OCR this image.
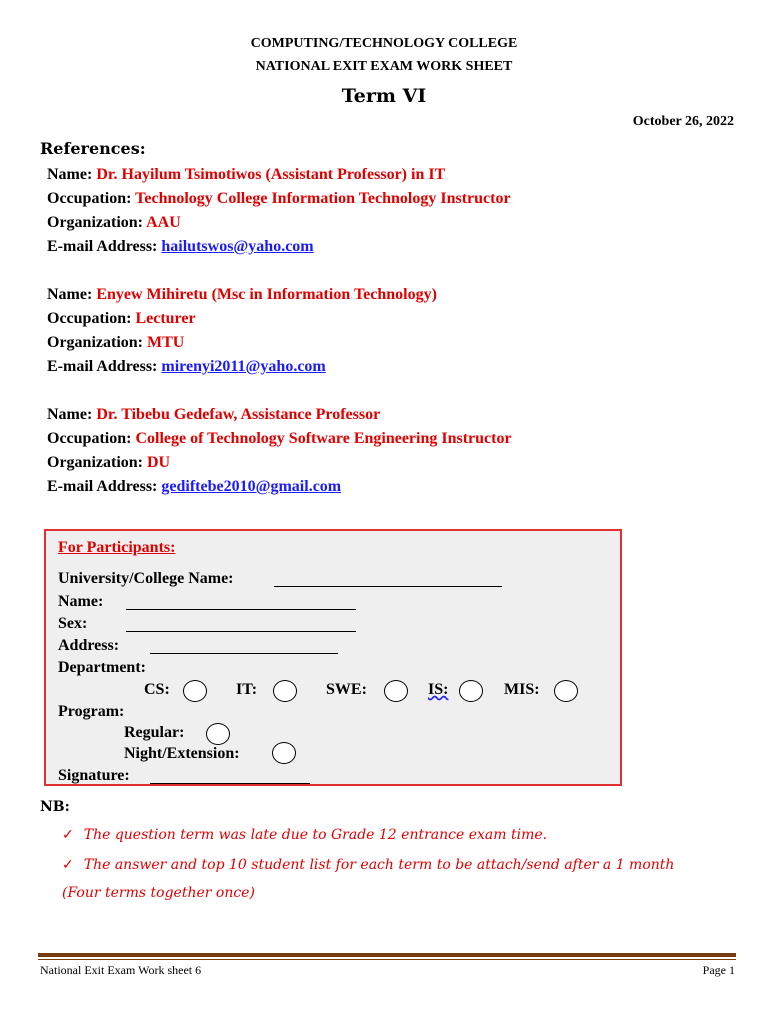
COMPUTING/TECHNOLOGY COLLEGE
NATIONAL EXIT EXAM WORK SHEET
Term VI
October 26, 2022
References:
Name: Dr. Hayilum Tsimotiwos (Assistant Professor) in IT
Occupation: Technology College Information Technology Instructor
Organization: AAU
E-mail Address: hailutswos@yaho.com
Name: Enyew Mihiretu (Msc in Information Technology)
Occupation: Lecturer
Organization: MTU
E-mail Address: mirenyi2011@yaho.com
Name: Dr. Tibebu Gedefaw, Assistance Professor
Occupation: College of Technology Software Engineering Instructor
Organization: DU
E-mail Address: gediftebe2010@gmail.com
For Participants:
University/College Name:
Name:
Sex:
Address:
Department:
CS:	IT:	SWE:	IS:	MIS:
Program:
Regular:
Night/Extension:
Signature:
NB:
✓ The question term was late due to Grade 12 entrance exam time.
✓ The answer and top 10 student list for each term to be attach/send after a 1 month (Four terms together once)
National Exit Exam Work sheet 6	Page 1
